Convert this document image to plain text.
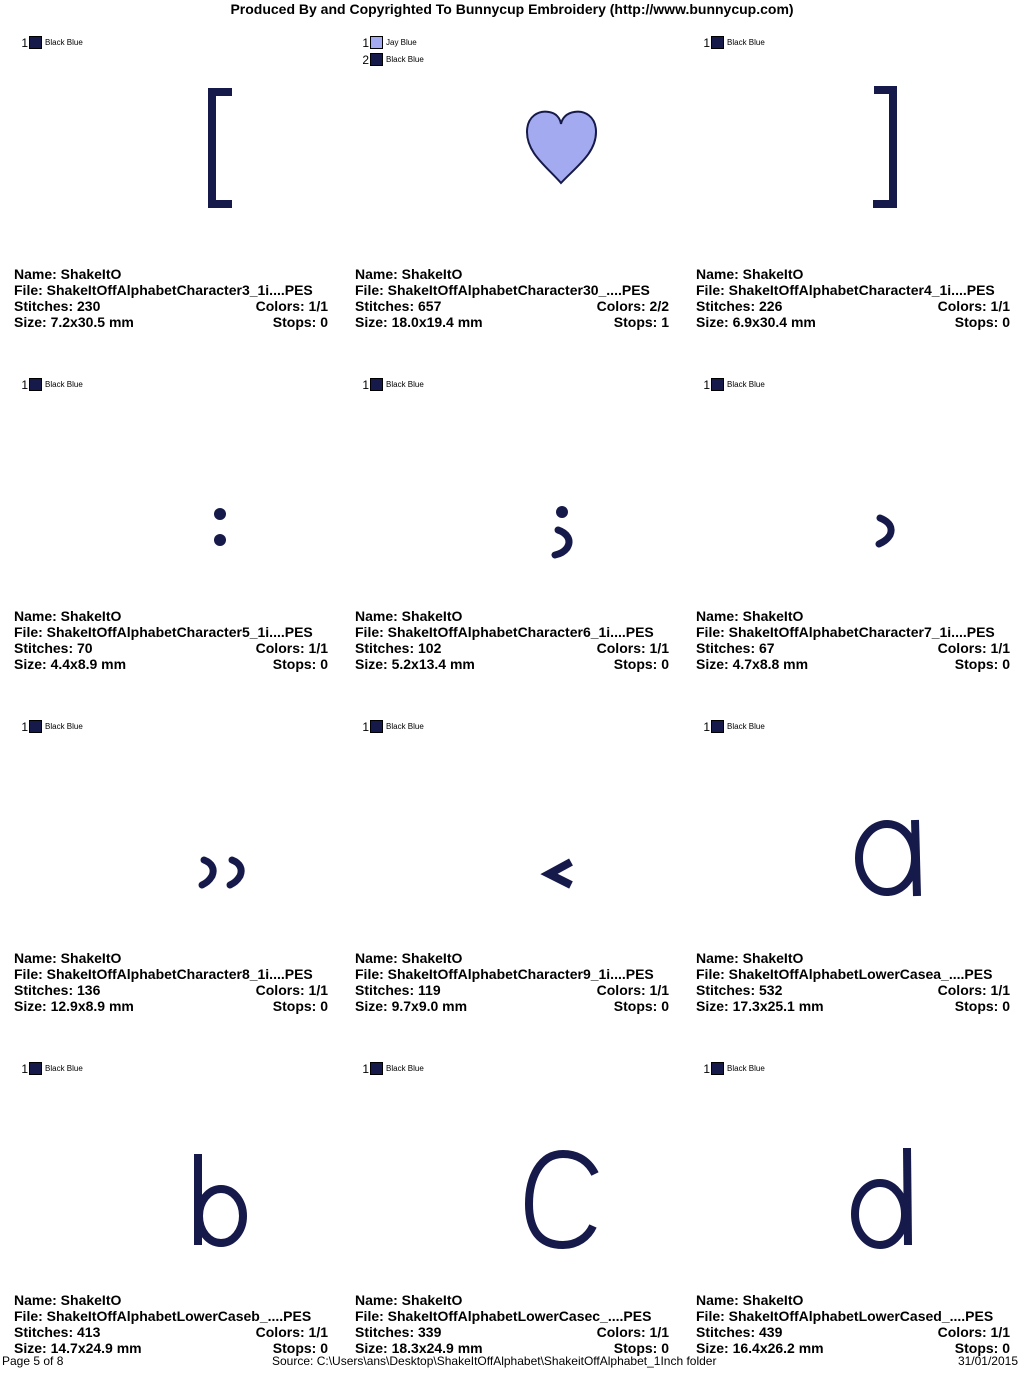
Produced By and Copyrighted To Bunnycup Embroidery (http://www.bunnycup.com)
1 Black Blue
Name: ShakeItO
File: ShakeItOffAlphabetCharacter3_1i....PES
Stitches: 230	Colors: 1/1
Size: 7.2x30.5 mm	Stops: 0
1 Jay Blue
2 Black Blue
Name: ShakeItO
File: ShakeItOffAlphabetCharacter30_....PES
Stitches: 657	Colors: 2/2
Size: 18.0x19.4 mm	Stops: 1
1 Black Blue
Name: ShakeItO
File: ShakeItOffAlphabetCharacter4_1i....PES
Stitches: 226	Colors: 1/1
Size: 6.9x30.4 mm	Stops: 0
1 Black Blue
Name: ShakeItO
File: ShakeItOffAlphabetCharacter5_1i....PES
Stitches: 70	Colors: 1/1
Size: 4.4x8.9 mm	Stops: 0
1 Black Blue
Name: ShakeItO
File: ShakeItOffAlphabetCharacter6_1i....PES
Stitches: 102	Colors: 1/1
Size: 5.2x13.4 mm	Stops: 0
1 Black Blue
Name: ShakeItO
File: ShakeItOffAlphabetCharacter7_1i....PES
Stitches: 67	Colors: 1/1
Size: 4.7x8.8 mm	Stops: 0
1 Black Blue
Name: ShakeItO
File: ShakeItOffAlphabetCharacter8_1i....PES
Stitches: 136	Colors: 1/1
Size: 12.9x8.9 mm	Stops: 0
1 Black Blue
Name: ShakeItO
File: ShakeItOffAlphabetCharacter9_1i....PES
Stitches: 119	Colors: 1/1
Size: 9.7x9.0 mm	Stops: 0
1 Black Blue
Name: ShakeItO
File: ShakeItOffAlphabetLowerCasea_....PES
Stitches: 532	Colors: 1/1
Size: 17.3x25.1 mm	Stops: 0
1 Black Blue
Name: ShakeItO
File: ShakeItOffAlphabetLowerCaseb_....PES
Stitches: 413	Colors: 1/1
Size: 14.7x24.9 mm	Stops: 0
1 Black Blue
Name: ShakeItO
File: ShakeItOffAlphabetLowerCasec_....PES
Stitches: 339	Colors: 1/1
Size: 18.3x24.9 mm	Stops: 0
1 Black Blue
Name: ShakeItO
File: ShakeItOffAlphabetLowerCased_....PES
Stitches: 439	Colors: 1/1
Size: 16.4x26.2 mm	Stops: 0
Page 5 of 8	Source: C:\Users\ans\Desktop\ShakeItOffAlphabet\ShakeitOffAlphabet_1Inch folder	31/01/2015
